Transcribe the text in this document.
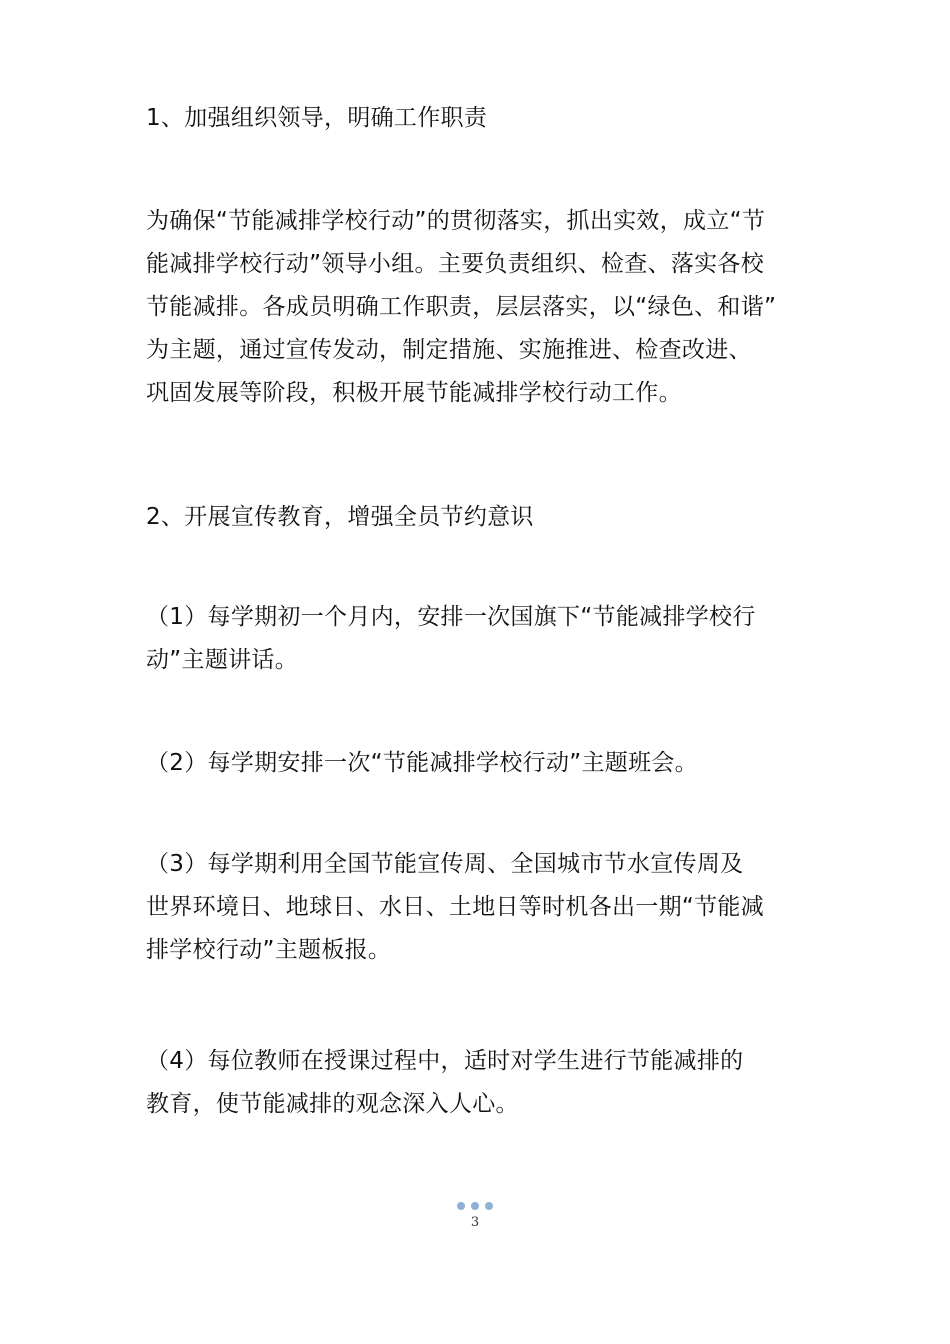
1、加强组织领导，明确工作职责

为确保“节能减排学校行动”的贯彻落实，抓出实效，成立“节
能减排学校行动”领导小组。主要负责组织、检查、落实各校
节能减排。各成员明确工作职责，层层落实，以“绿色、和谐”
为主题，通过宣传发动，制定措施、实施推进、检查改进、
巩固发展等阶段，积极开展节能减排学校行动工作。

2、开展宣传教育，增强全员节约意识

（1）每学期初一个月内，安排一次国旗下“节能减排学校行
动”主题讲话。

（2）每学期安排一次“节能减排学校行动”主题班会。

（3）每学期利用全国节能宣传周、全国城市节水宣传周及
世界环境日、地球日、水日、土地日等时机各出一期“节能减
排学校行动”主题板报。

（4）每位教师在授课过程中，适时对学生进行节能减排的
教育，使节能减排的观念深入人心。

3
